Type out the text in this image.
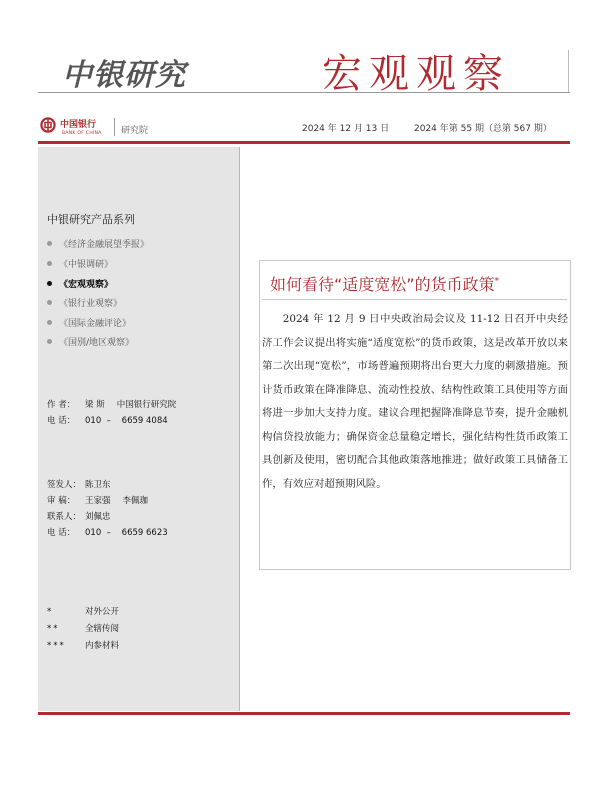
中银研究	宏观观察
中国银行
BANK OF CHINA 研究院	2024 年 12 月 13 日	2024 年第 55 期（总第 567 期）
中银研究产品系列
《经济金融展望季报》
《中银调研》
《宏观观察》
《银行业观察》
《国际金融评论》
《国别/地区观察》
作 者： 梁 斯 中国银行研究院
电 话： 010  –    6659 4084
签发人： 陈卫东
审 稿： 王家强 李佩珈
联系人： 刘佩忠
电 话： 010  –    6659 6623
*	对外公开
**	全辖传阅
*** 内参材料
如何看待“适度宽松”的货币政策*
2024 年 12 月 9 日中央政治局会议及 11-12 日召开中央经济工作会议提出将实施“适度宽松”的货币政策，这是改革开放以来第二次出现“宽松”，市场普遍预期将出台更大力度的刺激措施。预计货币政策在降准降息、流动性投放、结构性政策工具使用等方面将进一步加大支持力度。建议合理把握降准降息节奏，提升金融机构信贷投放能力；确保资金总量稳定增长，强化结构性货币政策工具创新及使用，密切配合其他政策落地推进；做好政策工具储备工作，有效应对超预期风险。
